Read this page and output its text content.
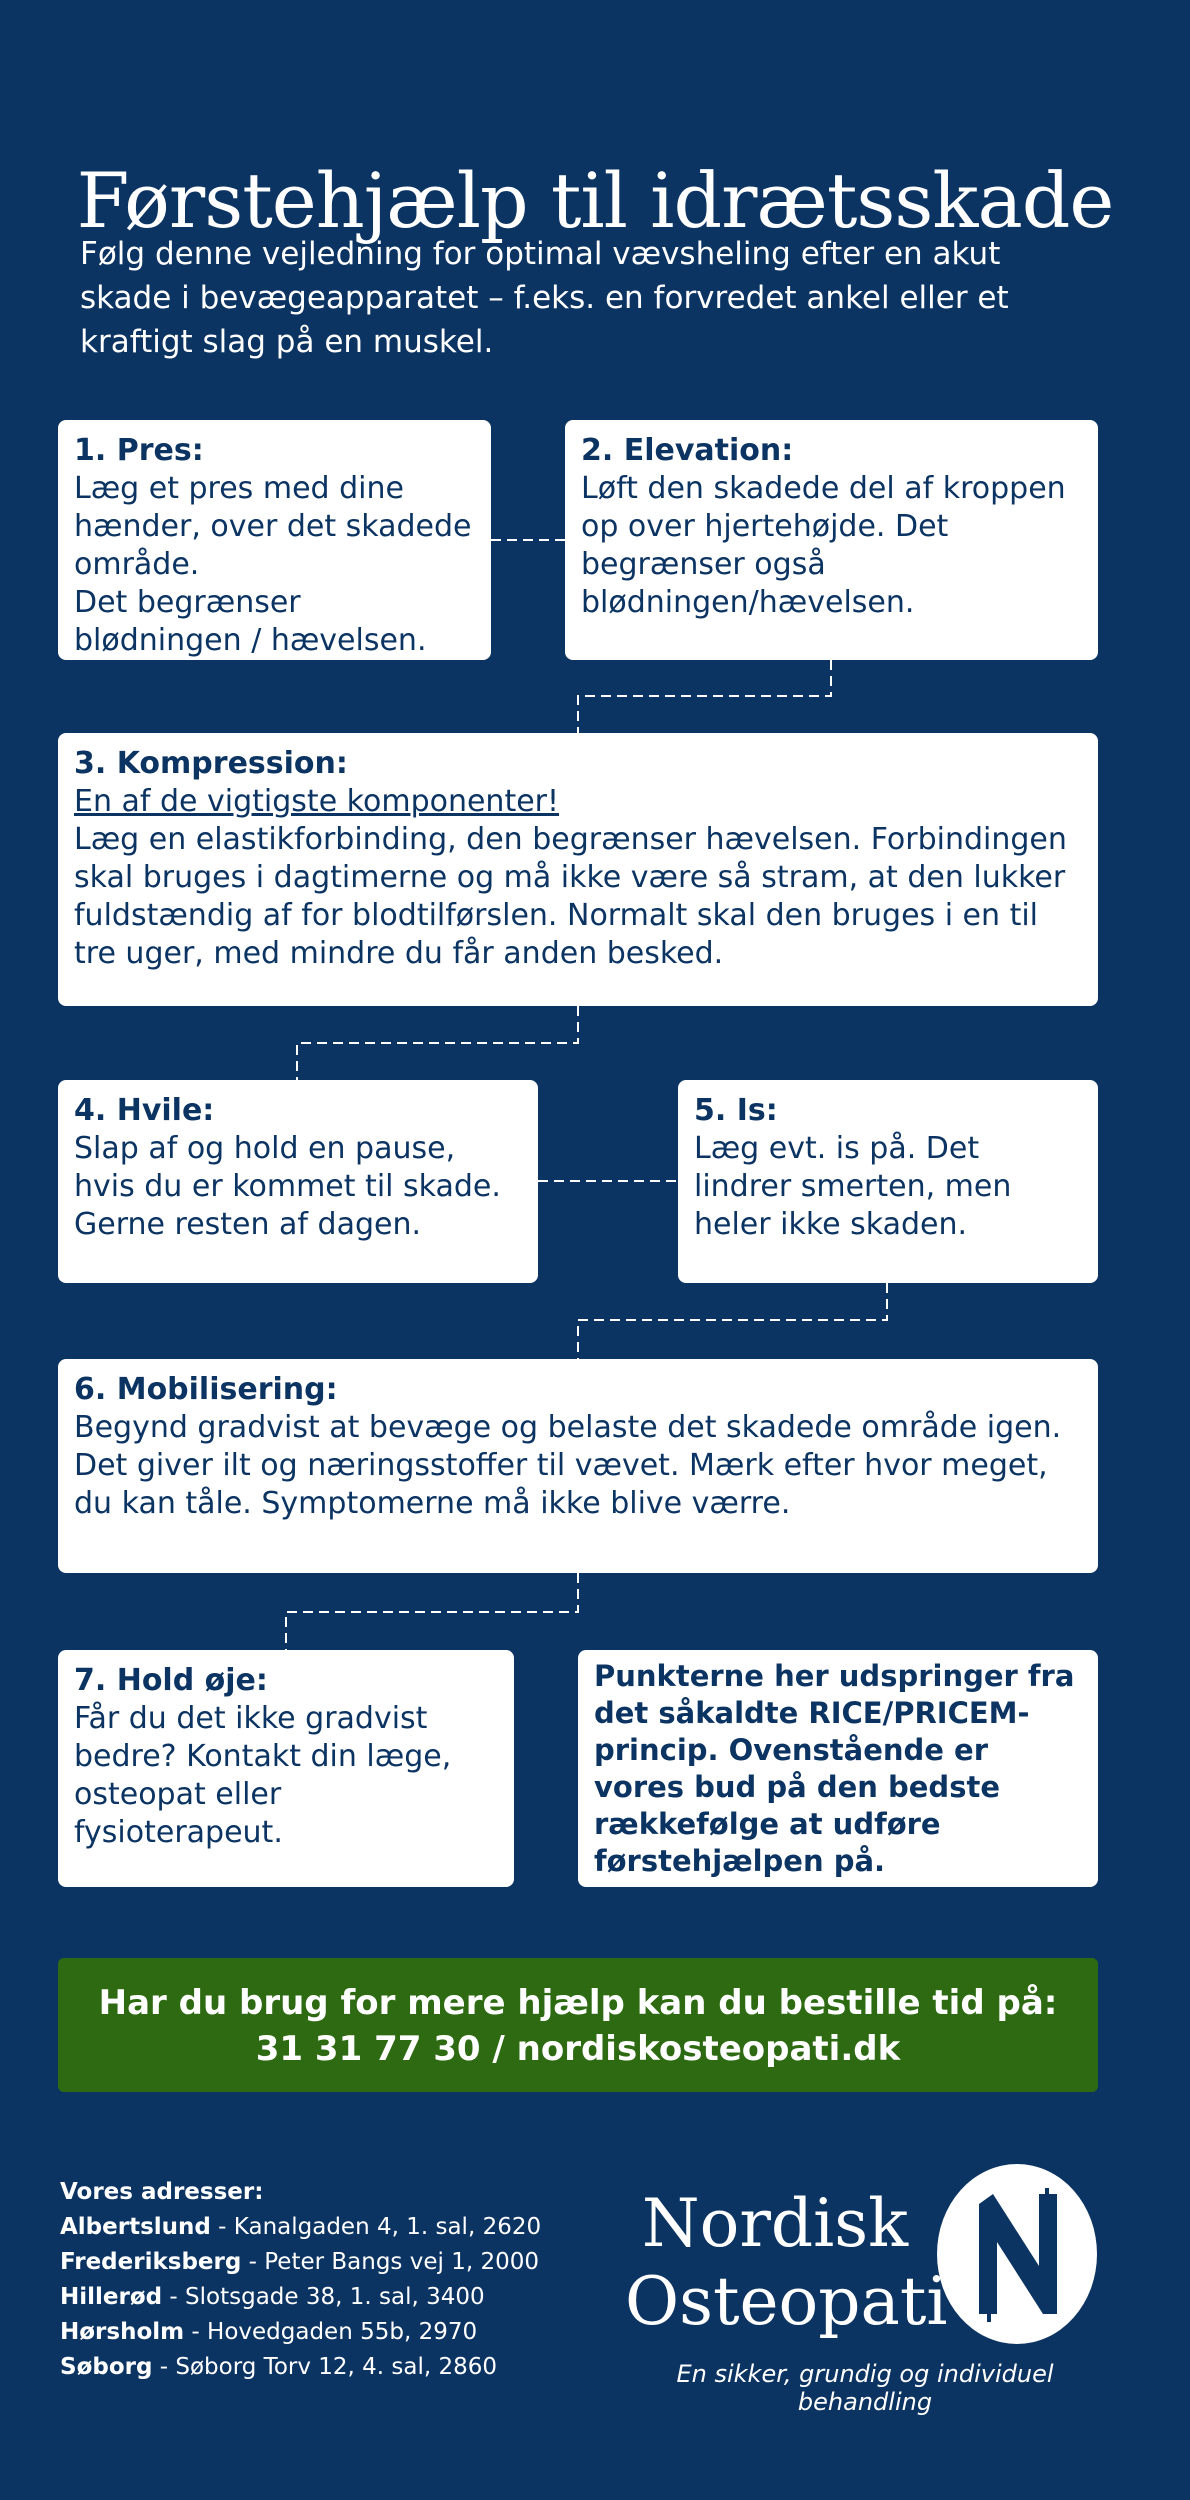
Førstehjælp til idrætsskade

Følg denne vejledning for optimal vævsheling efter en akut skade i bevægeapparatet – f.eks. en forvredet ankel eller et kraftigt slag på en muskel.

1. Pres:
Læg et pres med dine hænder, over det skadede område.
Det begrænser blødningen / hævelsen.
2. Elevation:
Løft den skadede del af kroppen op over hjertehøjde. Det begrænser også blødningen/hævelsen.
3. Kompression:
En af de vigtigste komponenter!
Læg en elastikforbinding, den begrænser hævelsen. Forbindingen skal bruges i dagtimerne og må ikke være så stram, at den lukker fuldstændig af for blodtilførslen. Normalt skal den bruges i en til tre uger, med mindre du får anden besked.
4. Hvile:
Slap af og hold en pause, hvis du er kommet til skade.
Gerne resten af dagen.
5. Is:
Læg evt. is på. Det lindrer smerten, men heler ikke skaden.
6. Mobilisering:
Begynd gradvist at bevæge og belaste det skadede område igen. Det giver ilt og næringsstoffer til vævet. Mærk efter hvor meget, du kan tåle. Symptomerne må ikke blive værre.
7. Hold øje:
Får du det ikke gradvist bedre? Kontakt din læge, osteopat eller fysioterapeut.
Punkterne her udspringer fra det såkaldte RICE/PRICEM-princip. Ovenstående er vores bud på den bedste rækkefølge at udføre førstehjælpen på.
Har du brug for mere hjælp kan du bestille tid på:
31 31 77 30 / nordiskosteopati.dk
Vores adresser:
Albertslund - Kanalgaden 4, 1. sal, 2620
Frederiksberg - Peter Bangs vej 1, 2000
Hillerød - Slotsgade 38, 1. sal, 3400
Hørsholm - Hovedgaden 55b, 2970
Søborg - Søborg Torv 12, 4. sal, 2860
Nordisk
Osteopati
En sikker, grundig og individuel behandling
